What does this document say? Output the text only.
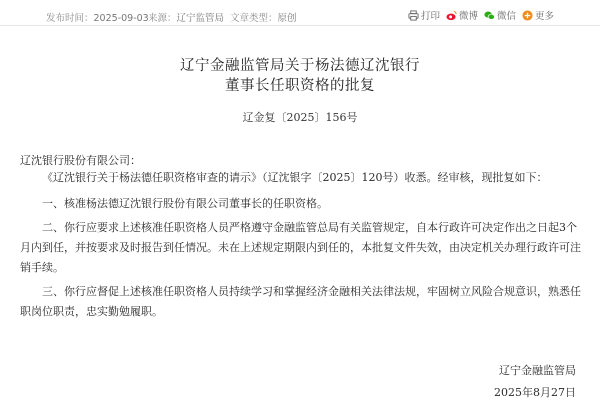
发布时间：2025-09-03 来源：辽宁监管局 文章类型：原创	打印 微博 微信 更多
辽宁金融监管局关于杨法德辽沈银行
董事长任职资格的批复
辽金复〔2025〕156号
辽沈银行股份有限公司：
《辽沈银行关于杨法德任职资格审查的请示》（辽沈银字〔2025〕120号）收悉。经审核，现批复如下：
一、核准杨法德辽沈银行股份有限公司董事长的任职资格。
二、你行应要求上述核准任职资格人员严格遵守金融监管总局有关监管规定，自本行政许可决定作出之日起3个月内到任，并按要求及时报告到任情况。未在上述规定期限内到任的，本批复文件失效，由决定机关办理行政许可注销手续。
三、你行应督促上述核准任职资格人员持续学习和掌握经济金融相关法律法规，牢固树立风险合规意识，熟悉任职岗位职责，忠实勤勉履职。
辽宁金融监管局
2025年8月27日
